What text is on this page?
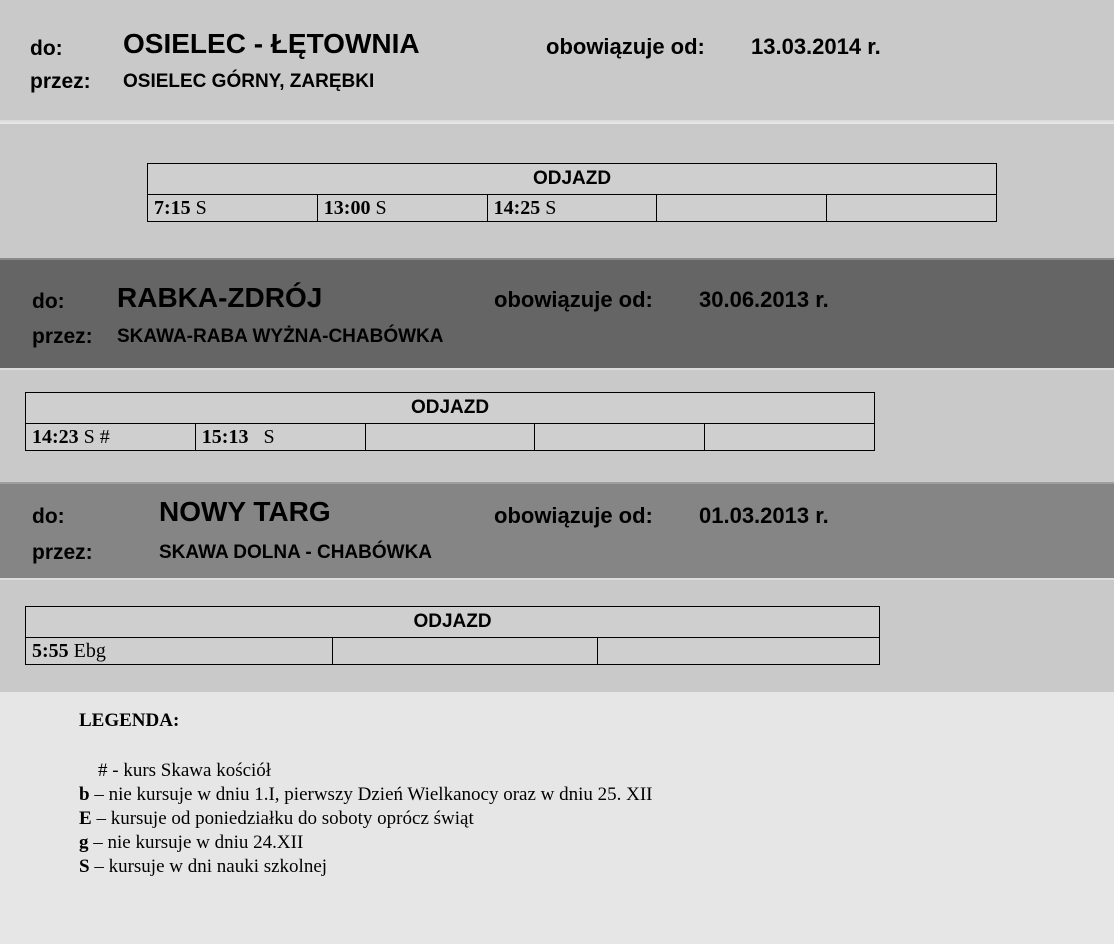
do: OSIELEC - ŁĘTOWNIA	obowiązuje od: 13.03.2014 r.
przez: OSIELEC GÓRNY, ZARĘBKI
ODJAZD
7:15 S	13:00 S	14:25 S		
do: RABKA-ZDRÓJ	obowiązuje od: 30.06.2013 r.
przez: SKAWA-RABA WYŻNA-CHABÓWKA
ODJAZD
14:23 S #	15:13   S			
do:	NOWY TARG	obowiązuje od: 01.03.2013 r.
przez:	SKAWA DOLNA - CHABÓWKA
ODJAZD
5:55 Ebg		
LEGENDA:
# - kurs Skawa kościół
b – nie kursuje w dniu 1.I, pierwszy Dzień Wielkanocy oraz w dniu 25. XII
E – kursuje od poniedziałku do soboty oprócz świąt
g – nie kursuje w dniu 24.XII
S – kursuje w dni nauki szkolnej
